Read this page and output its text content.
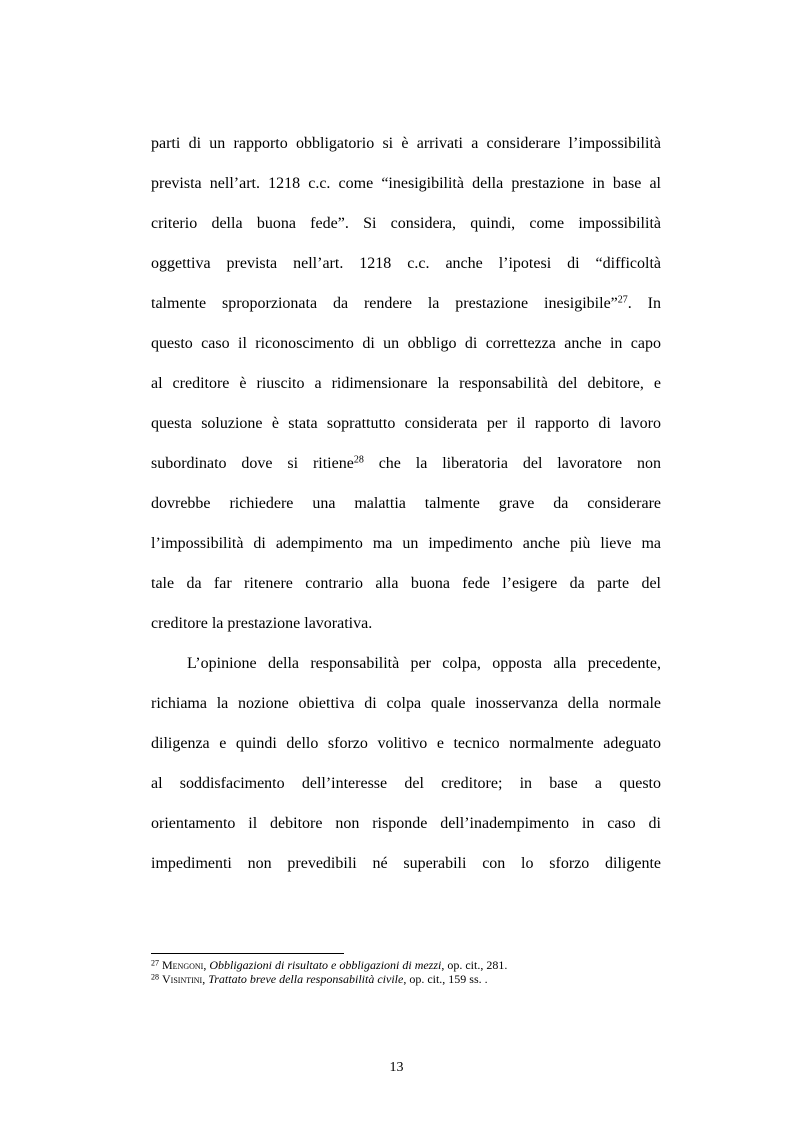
parti di un rapporto obbligatorio si è arrivati a considerare l’impossibilità
prevista nell’art. 1218 c.c. come “inesigibilità della prestazione in base al
criterio della buona fede”. Si considera, quindi, come impossibilità
oggettiva prevista nell’art. 1218 c.c. anche l’ipotesi di “difficoltà
talmente sproporzionata da rendere la prestazione inesigibile”$^{27}$. In
questo caso il riconoscimento di un obbligo di correttezza anche in capo
al creditore è riuscito a ridimensionare la responsabilità del debitore, e
questa soluzione è stata soprattutto considerata per il rapporto di lavoro
subordinato dove si ritiene$^{28}$ che la liberatoria del lavoratore non
dovrebbe richiedere una malattia talmente grave da considerare
l’impossibilità di adempimento ma un impedimento anche più lieve ma
tale da far ritenere contrario alla buona fede l’esigere da parte del
creditore la prestazione lavorativa.
L’opinione della responsabilità per colpa, opposta alla precedente,
richiama la nozione obiettiva di colpa quale inosservanza della normale
diligenza e quindi dello sforzo volitivo e tecnico normalmente adeguato
al soddisfacimento dell’interesse del creditore; in base a questo
orientamento il debitore non risponde dell’inadempimento in caso di
impedimenti non prevedibili né superabili con lo sforzo diligente
$^{27}$ Mengoni, Obbligazioni di risultato e obbligazioni di mezzi, op. cit., 281.
$^{28}$ Visintini, Trattato breve della responsabilità civile, op. cit., 159 ss. .
13
